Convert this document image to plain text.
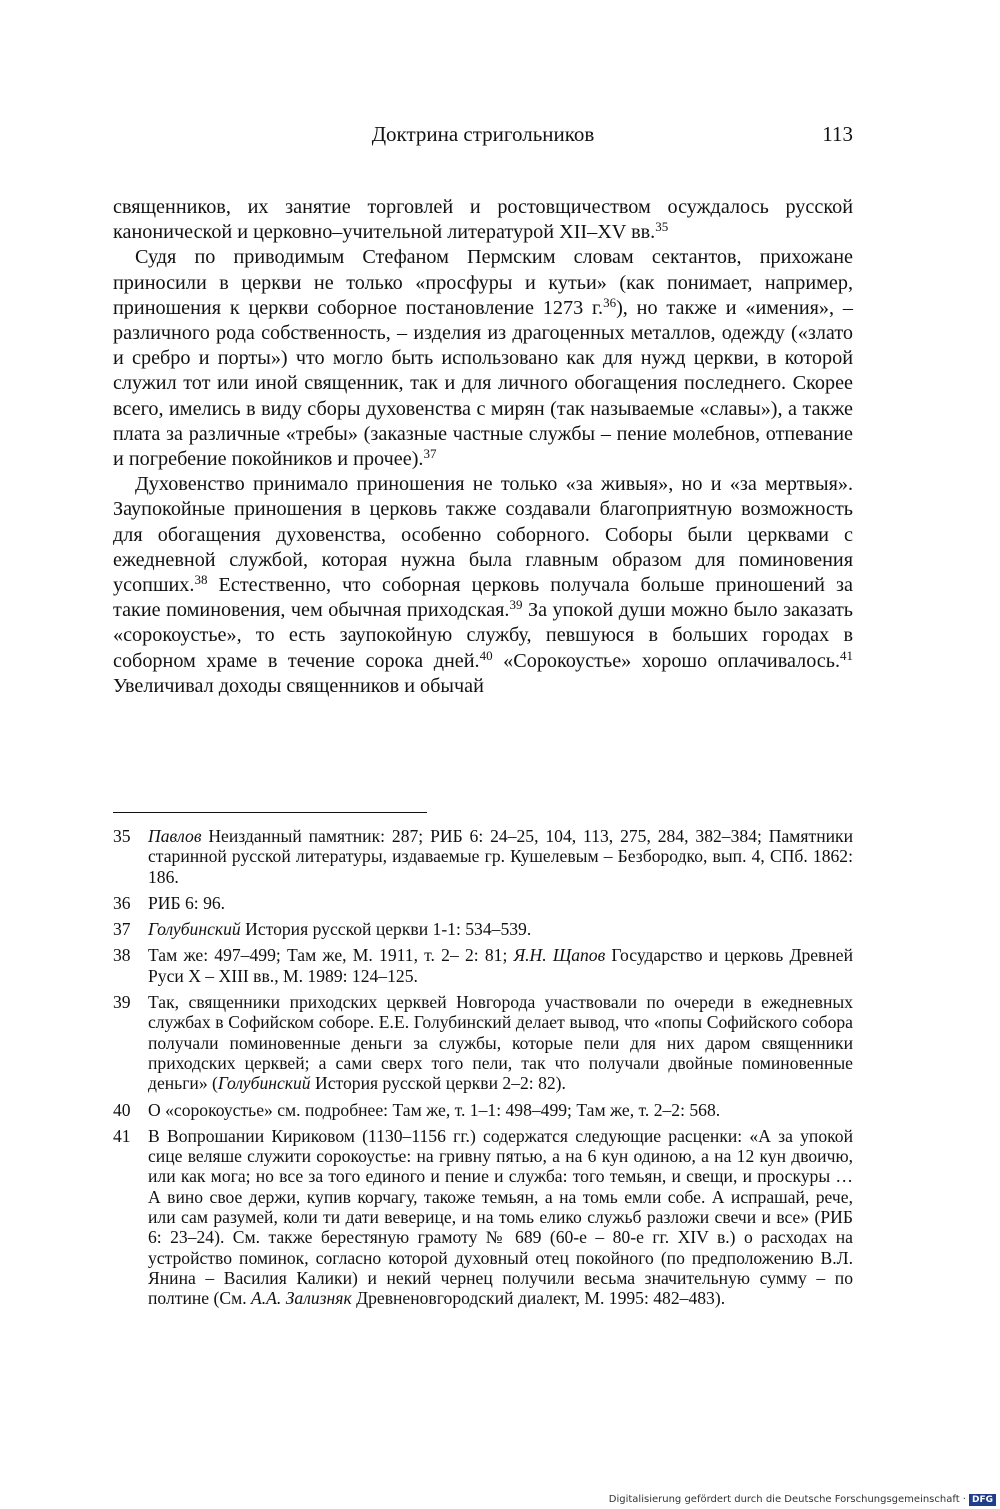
Доктрина стригольников	113

священников, их занятие торговлей и ростовщичеством осуждалось русской канонической и церковно–учительной литературой XII–XV вв.$^{35}$

Судя по приводимым Стефаном Пермским словам сектантов, прихожане приносили в церкви не только «просфуры и кутьи» (как понимает, например, приношения к церкви соборное постановление 1273 г.$^{36}$), но также и «имения», – различного рода собственность, – изделия из драгоценных металлов, одежду («злато и сребро и порты») что могло быть использовано как для нужд церкви, в которой служил тот или иной священник, так и для личного обогащения последнего. Скорее всего, имелись в виду сборы духовенства с мирян (так называемые «славы»), а также плата за различные «требы» (заказные частные службы – пение молебнов, отпевание и погребение покойников и прочее).$^{37}$

Духовенство принимало приношения не только «за живыя», но и «за мертвыя». Заупокойные приношения в церковь также создавали благоприятную возможность для обогащения духовенства, особенно соборного. Соборы были церквами с ежедневной службой, которая нужна была главным образом для поминовения усопших.$^{38}$ Естественно, что соборная церковь получала больше приношений за такие поминовения, чем обычная приходская.$^{39}$ За упокой души можно было заказать «сорокоустье», то есть заупокойную службу, певшуюся в больших городах в соборном храме в течение сорока дней.$^{40}$ «Сорокоустье» хорошо оплачивалось.$^{41}$ Увеличивал доходы священников и обычай

35 Павлов Неизданный памятник: 287; РИБ 6: 24–25, 104, 113, 275, 284, 382–384; Памятники старинной русской литературы, издаваемые гр. Кушелевым – Безбородко, вып. 4, СПб. 1862: 186.
36 РИБ 6: 96.
37 Голубинский История русской церкви 1-1: 534–539.
38 Там же: 497–499; Там же, М. 1911, т. 2– 2: 81; Я.Н. Щапов Государство и церковь Древней Руси X – XIII вв., М. 1989: 124–125.
39 Так, священники приходских церквей Новгорода участвовали по очереди в ежедневных службах в Софийском соборе. Е.Е. Голубинский делает вывод, что «попы Софийского собора получали поминовенные деньги за службы, которые пели для них даром священники приходских церквей; а сами сверх того пели, так что получали двойные поминовенные деньги» (Голубинский История русской церкви 2–2: 82).
40 О «сорокоустье» см. подробнее: Там же, т. 1–1: 498–499; Там же, т. 2–2: 568.
41 В Вопрошании Кириковом (1130–1156 гг.) содержатся следующие расценки: «А за упокой сице веляше служити сорокоустье: на гривну пятью, а на 6 кун одиною, а на 12 кун двоичю, или как мога; но все за того единого и пение и служба: того темьян, и свещи, и проскуры … А вино свое держи, купив корчагу, такоже темьян, а на томь емли собе. А испрашай, рече, или сам разумей, коли ти дати веверице, и на томь елико служьб разложи свечи и все» (РИБ 6: 23–24). См. также берестяную грамоту № 689 (60-е – 80-е гг. XIV в.) о расходах на устройство поминок, согласно которой духовный отец покойного (по предположению В.Л. Янина – Василия Калики) и некий чернец получили весьма значительную сумму – по полтине (См. А.А. Зализняк Древненовгородский диалект, М. 1995: 482–483).
Digitalisierung gefördert durch die Deutsche Forschungsgemeinschaft · DFG
